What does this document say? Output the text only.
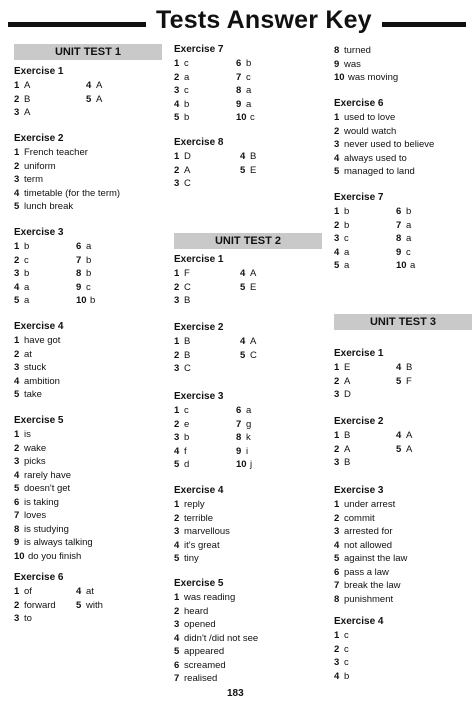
Tests Answer Key
UNIT TEST 1
UNIT TEST 2
UNIT TEST 3
Exercise 1
1 A	4 A
2 B	5 A
3 A
Exercise 2
1 French teacher
2 uniform
3 term
4 timetable (for the term)
5 lunch break
Exercise 3
1 b	6 a
2 c	7 b
3 b	8 b
4 a	9 c
5 a	10 b
Exercise 4
1 have got
2 at
3 stuck
4 ambition
5 take
Exercise 5
1 is
2 wake
3 picks
4 rarely have
5 doesn't get
6 is taking
7 loves
8 is studying
9 is always talking
10 do you finish
Exercise 6
1 of	4 at
2 forward 5 with
3 to
Exercise 7
1 c	6 b
2 a	7 c
3 c	8 a
4 b	9 a
5 b	10 c
Exercise 8
1 D	4 B
2 A	5 E
3 C
Exercise 1
1 F	4 A
2 C	5 E
3 B
Exercise 2
1 B	4 A
2 B	5 C
3 C
Exercise 3
1 c	6 a
2 e	7 g
3 b	8 k
4 f	9 i
5 d	10 j
Exercise 4
1 reply
2 terrible
3 marvellous
4 it's great
5 tiny
Exercise 5
1 was reading
2 heard
3 opened
4 didn't /did not see
5 appeared
6 screamed
7 realised
8 turned
9 was
10 was moving
Exercise 6
1 used to love
2 would watch
3 never used to believe
4 always used to
5 managed to land
Exercise 7
1 b	6 b
2 b	7 a
3 c	8 a
4 a	9 c
5 a	10 a
Exercise 1
1 E	4 B
2 A	5 F
3 D
Exercise 2
1 B	4 A
2 A	5 A
3 B
Exercise 3
1 under arrest
2 commit
3 arrested for
4 not allowed
5 against the law
6 pass a law
7 break the law
8 punishment
Exercise 4
1 c
2 c
3 c
4 b
183
